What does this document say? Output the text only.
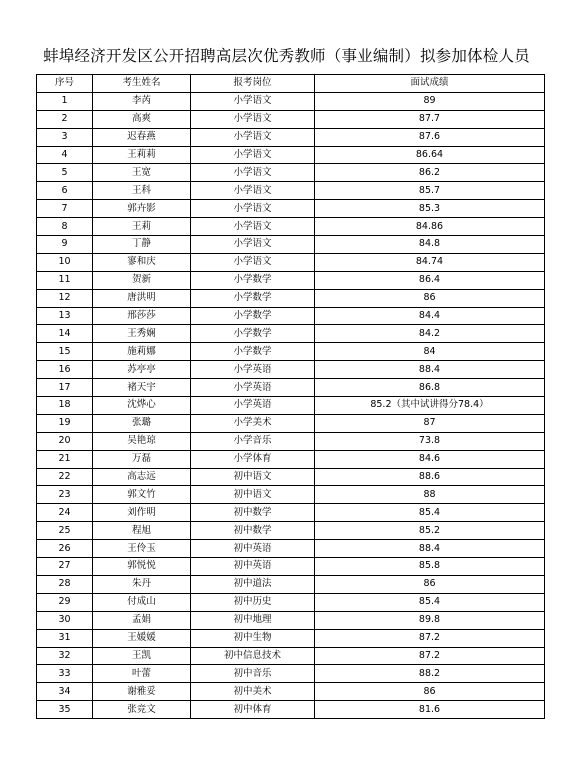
蚌埠经济开发区公开招聘高层次优秀教师（事业编制）拟参加体检人员
序号	考生姓名	报考岗位	面试成绩
1	李芮	小学语文	89
2	高爽	小学语文	87.7
3	迟春燕	小学语文	87.6
4	王莉莉	小学语文	86.64
5	王宽	小学语文	86.2
6	王科	小学语文	85.7
7	郭卉影	小学语文	85.3
8	王莉	小学语文	84.86
9	丁静	小学语文	84.8
10	寥和庆	小学语文	84.74
11	贺新	小学数学	86.4
12	唐洪明	小学数学	86
13	邢莎莎	小学数学	84.4
14	王秀娴	小学数学	84.2
15	施莉娜	小学数学	84
16	苏亭亭	小学英语	88.4
17	褚天宇	小学英语	86.8
18	沈烨心	小学英语	85.2（其中试讲得分78.4）
19	张璐	小学美术	87
20	吴艳琼	小学音乐	73.8
21	万磊	小学体育	84.6
22	高志远	初中语文	88.6
23	郭文竹	初中语文	88
24	刘作明	初中数学	85.4
25	程旭	初中数学	85.2
26	王伶玉	初中英语	88.4
27	郭悦悦	初中英语	85.8
28	朱丹	初中道法	86
29	付成山	初中历史	85.4
30	孟娟	初中地理	89.8
31	王媛媛	初中生物	87.2
32	王凯	初中信息技术	87.2
33	叶蕾	初中音乐	88.2
34	谢雅妥	初中美术	86
35	张竞文	初中体育	81.6
